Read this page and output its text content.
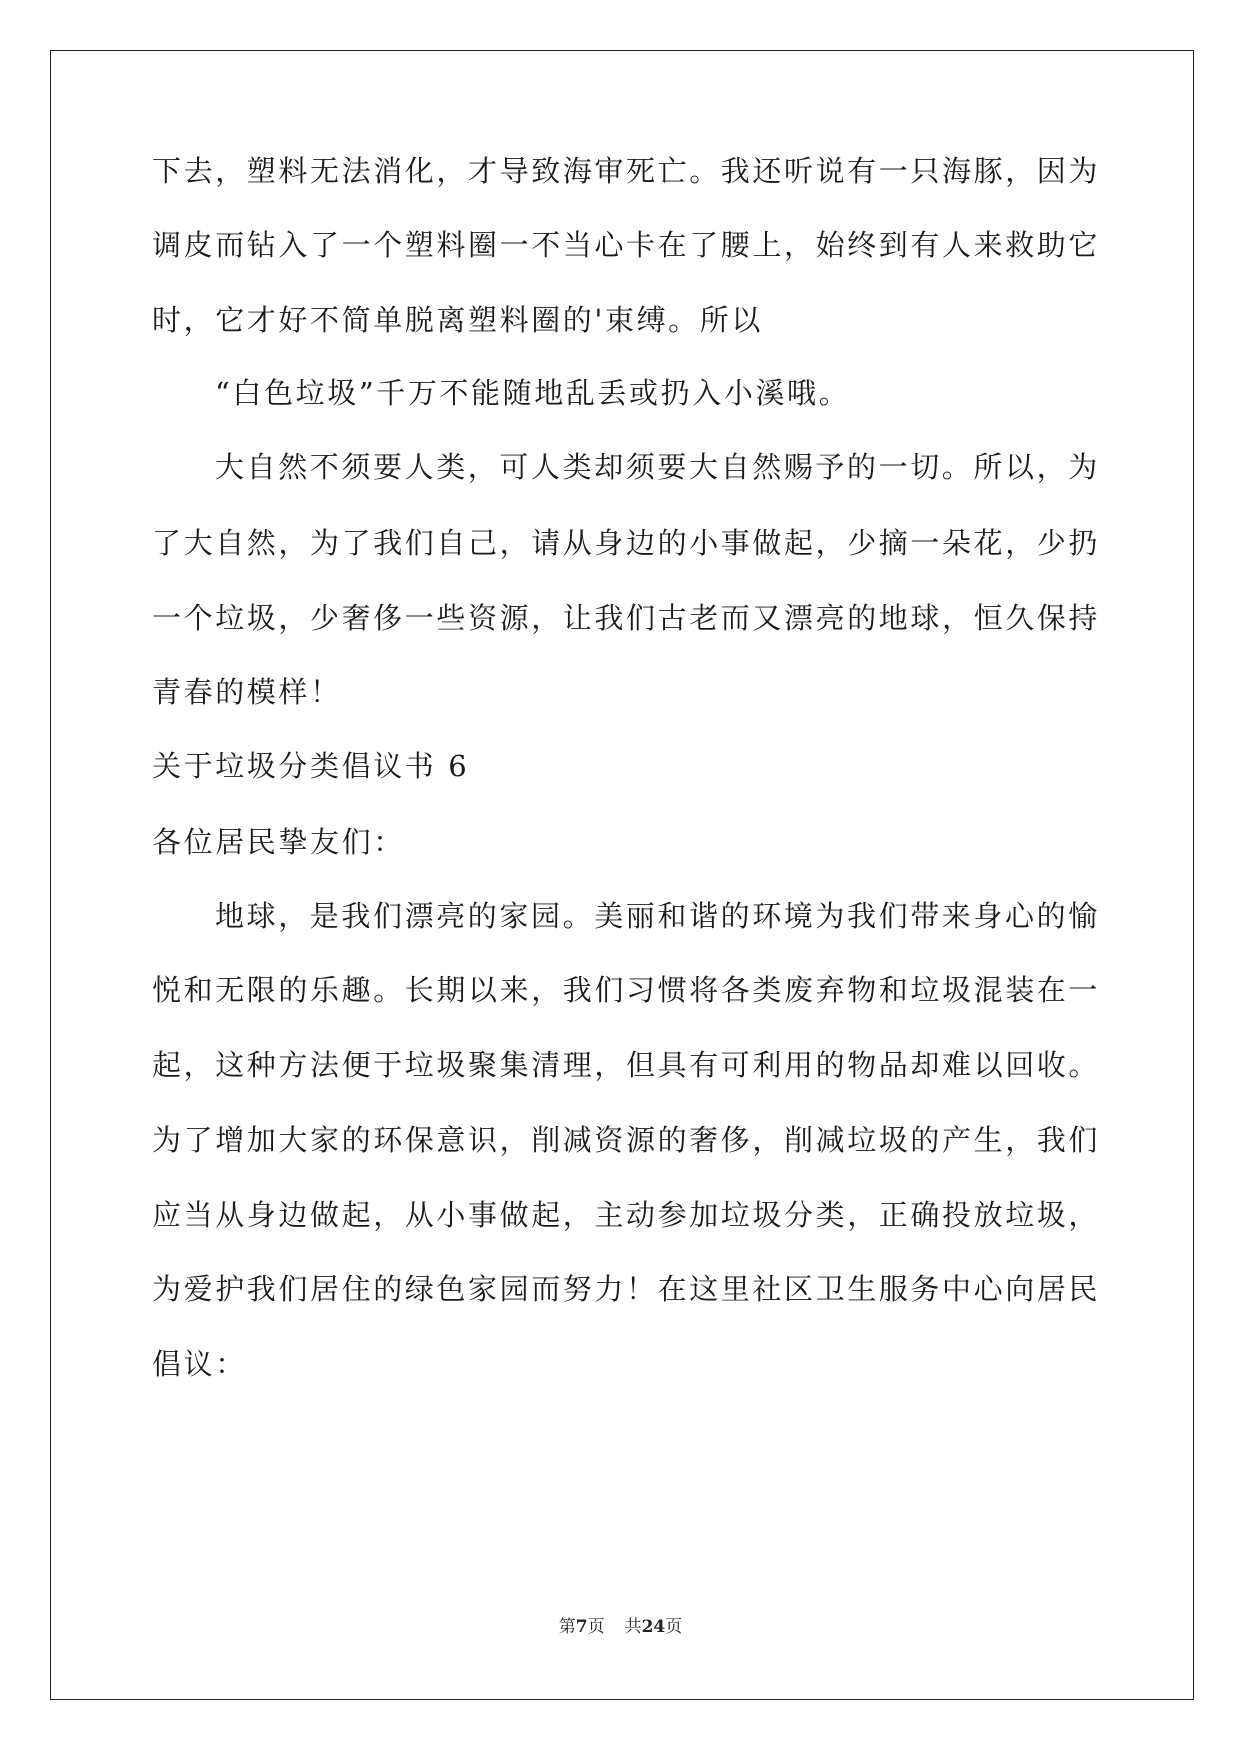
下去，塑料无法消化，才导致海审死亡。我还听说有一只海豚，因为
调皮而钻入了一个塑料圈一不当心卡在了腰上，始终到有人来救助它
时，它才好不简单脱离塑料圈的'束缚。所以
“白色垃圾”千万不能随地乱丢或扔入小溪哦。
大自然不须要人类，可人类却须要大自然赐予的一切。所以，为
了大自然，为了我们自己，请从身边的小事做起，少摘一朵花，少扔
一个垃圾，少奢侈一些资源，让我们古老而又漂亮的地球，恒久保持
青春的模样！
关于垃圾分类倡议书 6
各位居民挚友们：
地球，是我们漂亮的家园。美丽和谐的环境为我们带来身心的愉
悦和无限的乐趣。长期以来，我们习惯将各类废弃物和垃圾混装在一
起，这种方法便于垃圾聚集清理，但具有可利用的物品却难以回收。
为了增加大家的环保意识，削减资源的奢侈，削减垃圾的产生，我们
应当从身边做起，从小事做起，主动参加垃圾分类，正确投放垃圾，
为爱护我们居住的绿色家园而努力！在这里社区卫生服务中心向居民
倡议：
第7页 共24页
